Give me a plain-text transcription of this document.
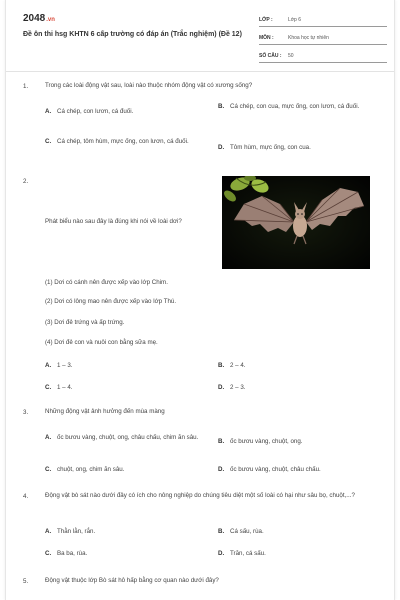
2048.vn
Đề ôn thi hsg KHTN 6 cấp trường có đáp án (Trắc nghiệm) (Đề 12)
LỚP :	Lớp 6
MÔN :	Khoa học tự nhiên
SỐ CÂU :	50
1.	Trong các loài động vật sau, loài nào thuộc nhóm động vật có xương sống?
A. Cá chép, con lươn, cá đuối.
B. Cá chép, con cua, mực ống, con lươn, cá đuối.
C. Cá chép, tôm hùm, mực ống, con lươn, cá đuối.
D. Tôm hùm, mực ống, con cua.
2.
Phát biểu nào sau đây là đúng khi nói về loài dơi?
(1) Dơi có cánh nên được xếp vào lớp Chim.
(2) Dơi có lông mao nên được xếp vào lớp Thú.
(3) Dơi đẻ trứng và ấp trứng.
(4) Dơi đẻ con và nuôi con bằng sữa mẹ.
A. 1 – 3.	B. 2 – 4.
C. 1 – 4.	D. 2 – 3.
3.	Những động vật ảnh hưởng đến mùa màng
A. ốc bươu vàng, chuột, ong, châu chấu, chim ăn sâu.
B. ốc bươu vàng, chuột, ong.
C. chuột, ong, chim ăn sâu.	D. ốc bươu vàng, chuột, châu chấu.
4.	Động vật bò sát nào dưới đây có ích cho nông nghiệp do chúng tiêu diệt một số loài có hại như sâu bọ, chuột,...?
A. Thằn lằn, rắn.	B. Cá sấu, rùa.
C. Ba ba, rùa.	D. Trăn, cá sấu.
5.	Động vật thuộc lớp Bò sát hô hấp bằng cơ quan nào dưới đây?
